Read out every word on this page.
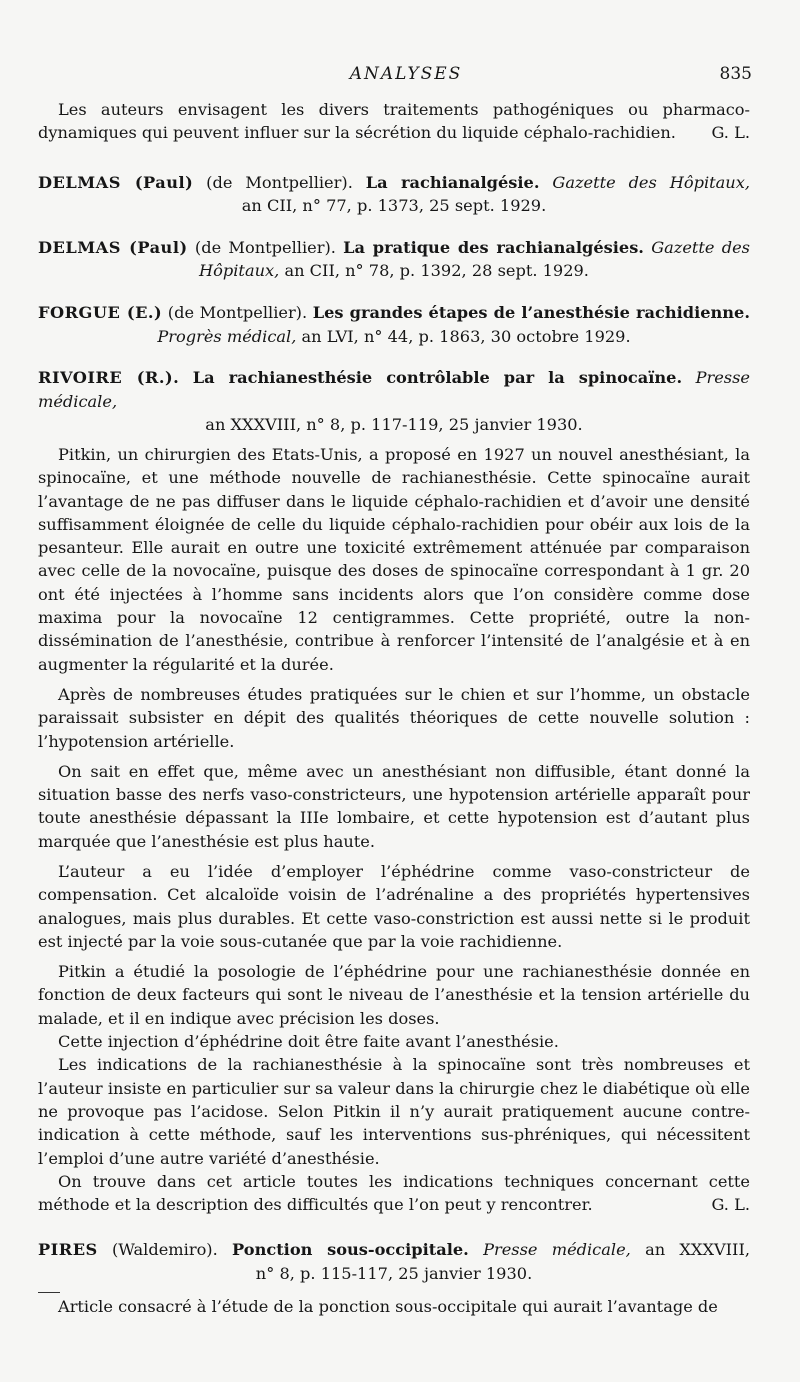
ANALYSES	835

Les auteurs envisagent les divers traitements pathogéniques ou pharmaco-dynamiques qui peuvent influer sur la sécrétion du liquide céphalo-rachidien.	G. L.

DELMAS (Paul) (de Montpellier). La rachianalgésie. Gazette des Hôpitaux,
an CII, n° 77, p. 1373, 25 sept. 1929.
DELMAS (Paul) (de Montpellier). La pratique des rachianalgésies. Gazette des
Hôpitaux, an CII, n° 78, p. 1392, 28 sept. 1929.
FORGUE (E.) (de Montpellier). Les grandes étapes de l’anesthésie rachidienne.
Progrès médical, an LVI, n° 44, p. 1863, 30 octobre 1929.
RIVOIRE (R.). La rachianesthésie contrôlable par la spinocaïne. Presse médicale,
an XXXVIII, n° 8, p. 117-119, 25 janvier 1930.

Pitkin, un chirurgien des Etats-Unis, a proposé en 1927 un nouvel anesthésiant, la spinocaïne, et une méthode nouvelle de rachianesthésie. Cette spinocaïne aurait l’avantage de ne pas diffuser dans le liquide céphalo-rachidien et d’avoir une densité suffisamment éloignée de celle du liquide céphalo-rachidien pour obéir aux lois de la pesanteur. Elle aurait en outre une toxicité extrêmement atténuée par comparaison avec celle de la novocaïne, puisque des doses de spinocaïne correspondant à 1 gr. 20 ont été injectées à l’homme sans incidents alors que l’on considère comme dose maxima pour la novocaïne 12 centigrammes. Cette propriété, outre la non-dissémination de l’anesthésie, contribue à renforcer l’intensité de l’analgésie et à en augmenter la régularité et la durée.

Après de nombreuses études pratiquées sur le chien et sur l’homme, un obstacle paraissait subsister en dépit des qualités théoriques de cette nouvelle solution : l’hypotension artérielle.

On sait en effet que, même avec un anesthésiant non diffusible, étant donné la situation basse des nerfs vaso-constricteurs, une hypotension artérielle apparaît pour toute anesthésie dépassant la IIIe lombaire, et cette hypotension est d’autant plus marquée que l’anesthésie est plus haute.

L’auteur a eu l’idée d’employer l’éphédrine comme vaso-constricteur de compensation. Cet alcaloïde voisin de l’adrénaline a des propriétés hypertensives analogues, mais plus durables. Et cette vaso-constriction est aussi nette si le produit est injecté par la voie sous-cutanée que par la voie rachidienne.

Pitkin a étudié la posologie de l’éphédrine pour une rachianesthésie donnée en fonction de deux facteurs qui sont le niveau de l’anesthésie et la tension artérielle du malade, et il en indique avec précision les doses.

Cette injection d’éphédrine doit être faite avant l’anesthésie.

Les indications de la rachianesthésie à la spinocaïne sont très nombreuses et l’auteur insiste en particulier sur sa valeur dans la chirurgie chez le diabétique où elle ne provoque pas l’acidose. Selon Pitkin il n’y aurait pratiquement aucune contre-indication à cette méthode, sauf les interventions sus-phréniques, qui nécessitent l’emploi d’une autre variété d’anesthésie.

On trouve dans cet article toutes les indications techniques concernant cette méthode et la description des difficultés que l’on peut y rencontrer.	G. L.

PIRES (Waldemiro). Ponction sous-occipitale. Presse médicale, an XXXVIII,
n° 8, p. 115-117, 25 janvier 1930.

Article consacré à l’étude de la ponction sous-occipitale qui aurait l’avantage de
